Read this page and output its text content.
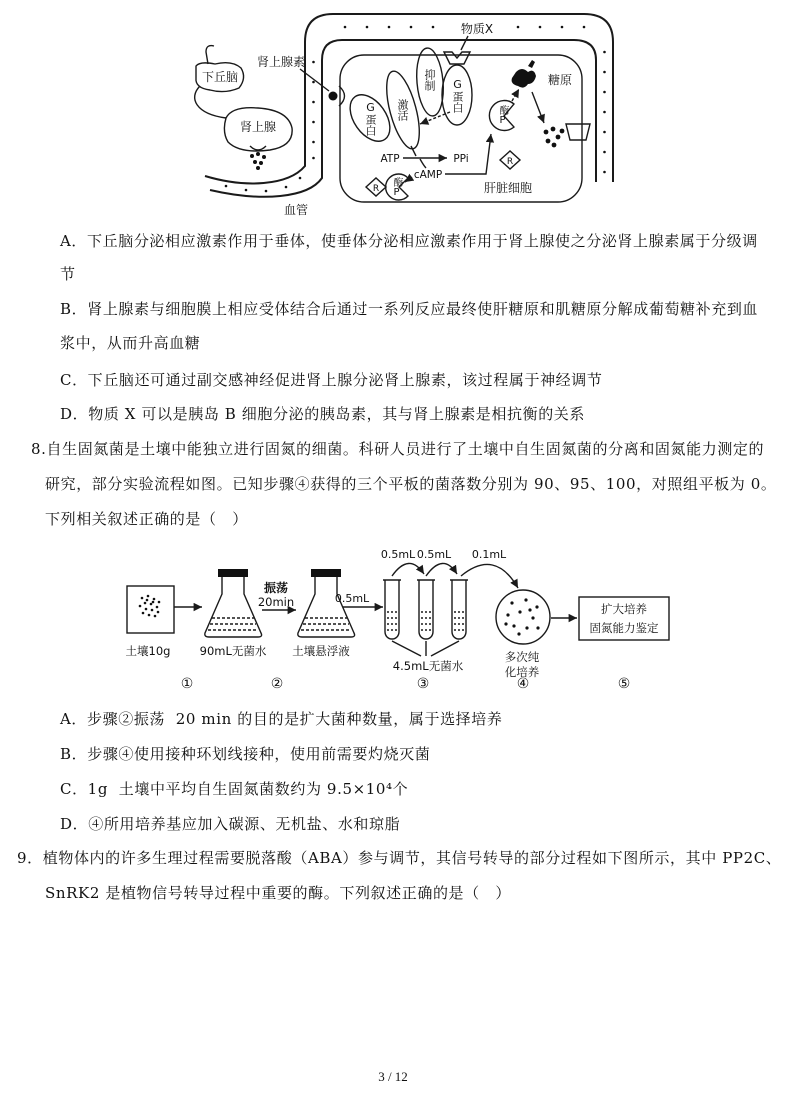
血管
下丘脑
肾上腺
肾上腺素
肝脏细胞
物质X
ATP	PPi
cAMP
R
R
糖原
G蛋白 激活
抑制 G蛋白
酶P
酶P
A．下丘脑分泌相应激素作用于垂体，使垂体分泌相应激素作用于肾上腺使之分泌肾上腺素属于分级调
节
B．肾上腺素与细胞膜上相应受体结合后通过一系列反应最终使肝糖原和肌糖原分解成葡萄糖补充到血
浆中，从而升高血糖
C．下丘脑还可通过副交感神经促进肾上腺分泌肾上腺素，该过程属于神经调节
D．物质 X 可以是胰岛 B 细胞分泌的胰岛素，其与肾上腺素是相抗衡的关系
8.自生固氮菌是土壤中能独立进行固氮的细菌。科研人员进行了土壤中自生固氮菌的分离和固氮能力测定的
研究，部分实验流程如图。已知步骤④获得的三个平板的菌落数分别为 90、95、100，对照组平板为 0。
下列相关叙述正确的是（　）
土壤10g	90mL无菌水
振荡
20min
土壤悬浮液
0.5mL
0.5mL 0.5mL 0.1mL
4.5mL无菌水
多次纯
化培养
扩大培养
固氮能力鉴定
①	②	③	④	⑤
A．步骤②振荡  20 min 的目的是扩大菌种数量，属于选择培养
B．步骤④使用接种环划线接种，使用前需要灼烧灭菌
C．1g  土壤中平均自生固氮菌数约为 9.5×10⁴个
D．④所用培养基应加入碳源、无机盐、水和琼脂
9．植物体内的许多生理过程需要脱落酸（ABA）参与调节，其信号转导的部分过程如下图所示，其中 PP2C、
SnRK2 是植物信号转导过程中重要的酶。下列叙述正确的是（　）
3 / 12
